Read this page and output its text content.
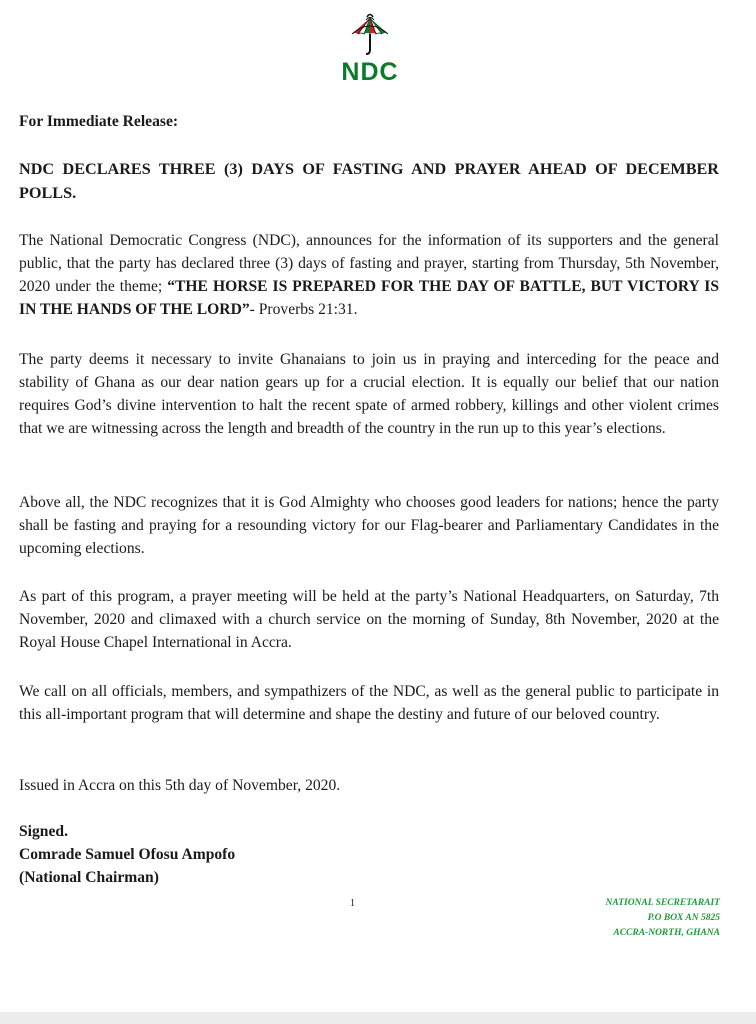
NDC
For Immediate Release:
NDC DECLARES THREE (3) DAYS OF FASTING AND PRAYER AHEAD OF DECEMBER POLLS.
The National Democratic Congress (NDC), announces for the information of its supporters and the general public, that the party has declared three (3) days of fasting and prayer, starting from Thursday, 5th November, 2020 under the theme; “THE HORSE IS PREPARED FOR THE DAY OF BATTLE, BUT VICTORY IS IN THE HANDS OF THE LORD”- Proverbs 21:31.
The party deems it necessary to invite Ghanaians to join us in praying and interceding for the peace and stability of Ghana as our dear nation gears up for a crucial election. It is equally our belief that our nation requires God’s divine intervention to halt the recent spate of armed robbery, killings and other violent crimes that we are witnessing across the length and breadth of the country in the run up to this year’s elections.
Above all, the NDC recognizes that it is God Almighty who chooses good leaders for nations; hence the party shall be fasting and praying for a resounding victory for our Flag-bearer and Parliamentary Candidates in the upcoming elections.
As part of this program, a prayer meeting will be held at the party’s National Headquarters, on Saturday, 7th November, 2020 and climaxed with a church service on the morning of Sunday, 8th November, 2020 at the Royal House Chapel International in Accra.
We call on all officials, members, and sympathizers of the NDC, as well as the general public to participate in this all-important program that will determine and shape the destiny and future of our beloved country.
Issued in Accra on this 5th day of November, 2020.
Signed.
Comrade Samuel Ofosu Ampofo
(National Chairman)
1	NATIONAL SECRETARAIT
P.O BOX AN 5825
ACCRA-NORTH, GHANA
